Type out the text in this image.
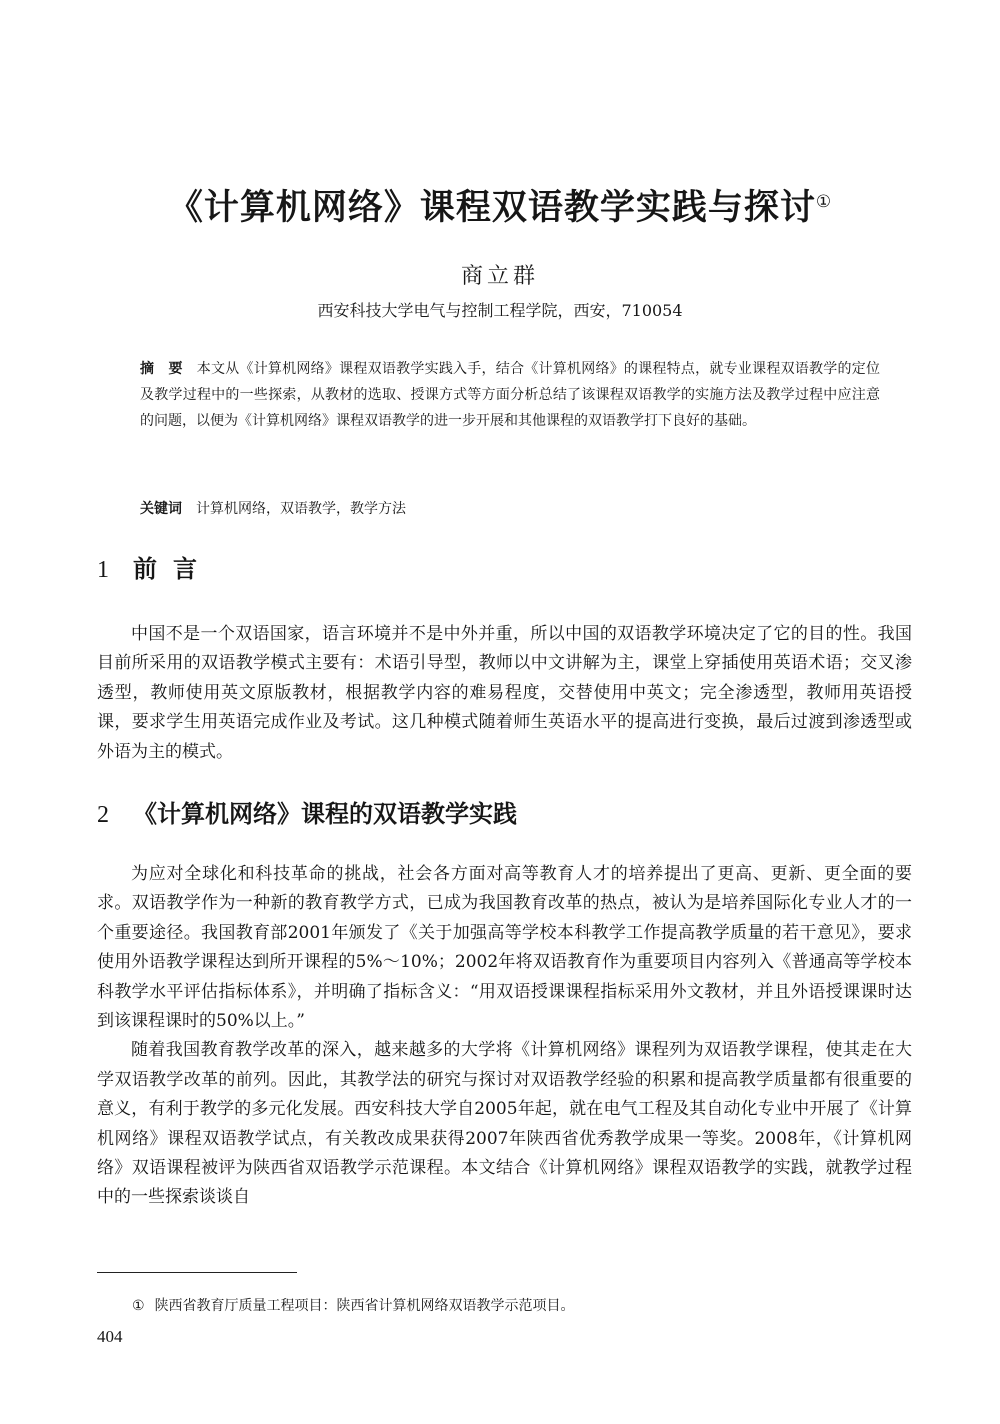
《计算机网络》课程双语教学实践与探讨①
商立群
西安科技大学电气与控制工程学院，西安，710054
摘　要 本文从《计算机网络》课程双语教学实践入手，结合《计算机网络》的课程特点，就专业课程双语教学的定位及教学过程中的一些探索，从教材的选取、授课方式等方面分析总结了该课程双语教学的实施方法及教学过程中应注意的问题，以便为《计算机网络》课程双语教学的进一步开展和其他课程的双语教学打下良好的基础。
关键词 计算机网络，双语教学，教学方法
1 前言

中国不是一个双语国家，语言环境并不是中外并重，所以中国的双语教学环境决定了它的目的性。我国目前所采用的双语教学模式主要有：术语引导型，教师以中文讲解为主，课堂上穿插使用英语术语；交叉渗透型，教师使用英文原版教材，根据教学内容的难易程度，交替使用中英文；完全渗透型，教师用英语授课，要求学生用英语完成作业及考试。这几种模式随着师生英语水平的提高进行变换，最后过渡到渗透型或外语为主的模式。

2 《计算机网络》课程的双语教学实践

为应对全球化和科技革命的挑战，社会各方面对高等教育人才的培养提出了更高、更新、更全面的要求。双语教学作为一种新的教育教学方式，已成为我国教育改革的热点，被认为是培养国际化专业人才的一个重要途径。我国教育部2001年颁发了《关于加强高等学校本科教学工作提高教学质量的若干意见》，要求使用外语教学课程达到所开课程的5%～10%；2002年将双语教育作为重要项目内容列入《普通高等学校本科教学水平评估指标体系》，并明确了指标含义：“用双语授课课程指标采用外文教材，并且外语授课课时达到该课程课时的50%以上。”

随着我国教育教学改革的深入，越来越多的大学将《计算机网络》课程列为双语教学课程，使其走在大学双语教学改革的前列。因此，其教学法的研究与探讨对双语教学经验的积累和提高教学质量都有很重要的意义，有利于教学的多元化发展。西安科技大学自2005年起，就在电气工程及其自动化专业中开展了《计算机网络》课程双语教学试点，有关教改成果获得2007年陕西省优秀教学成果一等奖。2008年，《计算机网络》双语课程被评为陕西省双语教学示范课程。本文结合《计算机网络》课程双语教学的实践，就教学过程中的一些探索谈谈自

① 陕西省教育厅质量工程项目：陕西省计算机网络双语教学示范项目。
404
